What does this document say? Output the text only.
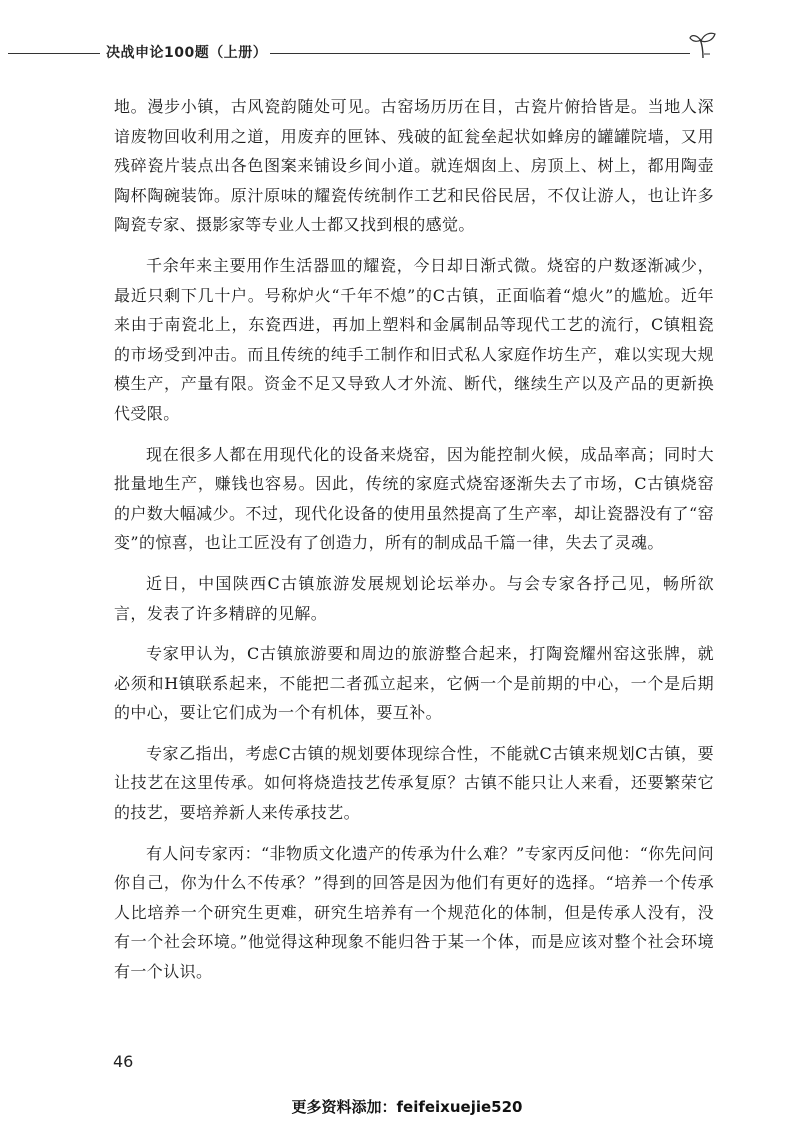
决战申论100题（上册）

地。漫步小镇，古风瓷韵随处可见。古窑场历历在目，古瓷片俯拾皆是。当地人深谙废物回收利用之道，用废弃的匣钵、残破的缸瓮垒起状如蜂房的罐罐院墙，又用残碎瓷片装点出各色图案来铺设乡间小道。就连烟囱上、房顶上、树上，都用陶壶陶杯陶碗装饰。原汁原味的耀瓷传统制作工艺和民俗民居，不仅让游人，也让许多陶瓷专家、摄影家等专业人士都又找到根的感觉。

千余年来主要用作生活器皿的耀瓷，今日却日渐式微。烧窑的户数逐渐减少，最近只剩下几十户。号称炉火“千年不熄”的C古镇，正面临着“熄火”的尴尬。近年来由于南瓷北上，东瓷西进，再加上塑料和金属制品等现代工艺的流行，C镇粗瓷的市场受到冲击。而且传统的纯手工制作和旧式私人家庭作坊生产，难以实现大规模生产，产量有限。资金不足又导致人才外流、断代，继续生产以及产品的更新换代受限。

现在很多人都在用现代化的设备来烧窑，因为能控制火候，成品率高；同时大批量地生产，赚钱也容易。因此，传统的家庭式烧窑逐渐失去了市场，C古镇烧窑的户数大幅减少。不过，现代化设备的使用虽然提高了生产率，却让瓷器没有了“窑变”的惊喜，也让工匠没有了创造力，所有的制成品千篇一律，失去了灵魂。

近日，中国陕西C古镇旅游发展规划论坛举办。与会专家各抒己见，畅所欲言，发表了许多精辟的见解。

专家甲认为，C古镇旅游要和周边的旅游整合起来，打陶瓷耀州窑这张牌，就必须和H镇联系起来，不能把二者孤立起来，它俩一个是前期的中心，一个是后期的中心，要让它们成为一个有机体，要互补。

专家乙指出，考虑C古镇的规划要体现综合性，不能就C古镇来规划C古镇，要让技艺在这里传承。如何将烧造技艺传承复原？古镇不能只让人来看，还要繁荣它的技艺，要培养新人来传承技艺。

有人问专家丙：“非物质文化遗产的传承为什么难？”专家丙反问他：“你先问问你自己，你为什么不传承？”得到的回答是因为他们有更好的选择。“培养一个传承人比培养一个研究生更难，研究生培养有一个规范化的体制，但是传承人没有，没有一个社会环境。”他觉得这种现象不能归咎于某一个体，而是应该对整个社会环境有一个认识。

46
更多资料添加：feifeixuejie520
